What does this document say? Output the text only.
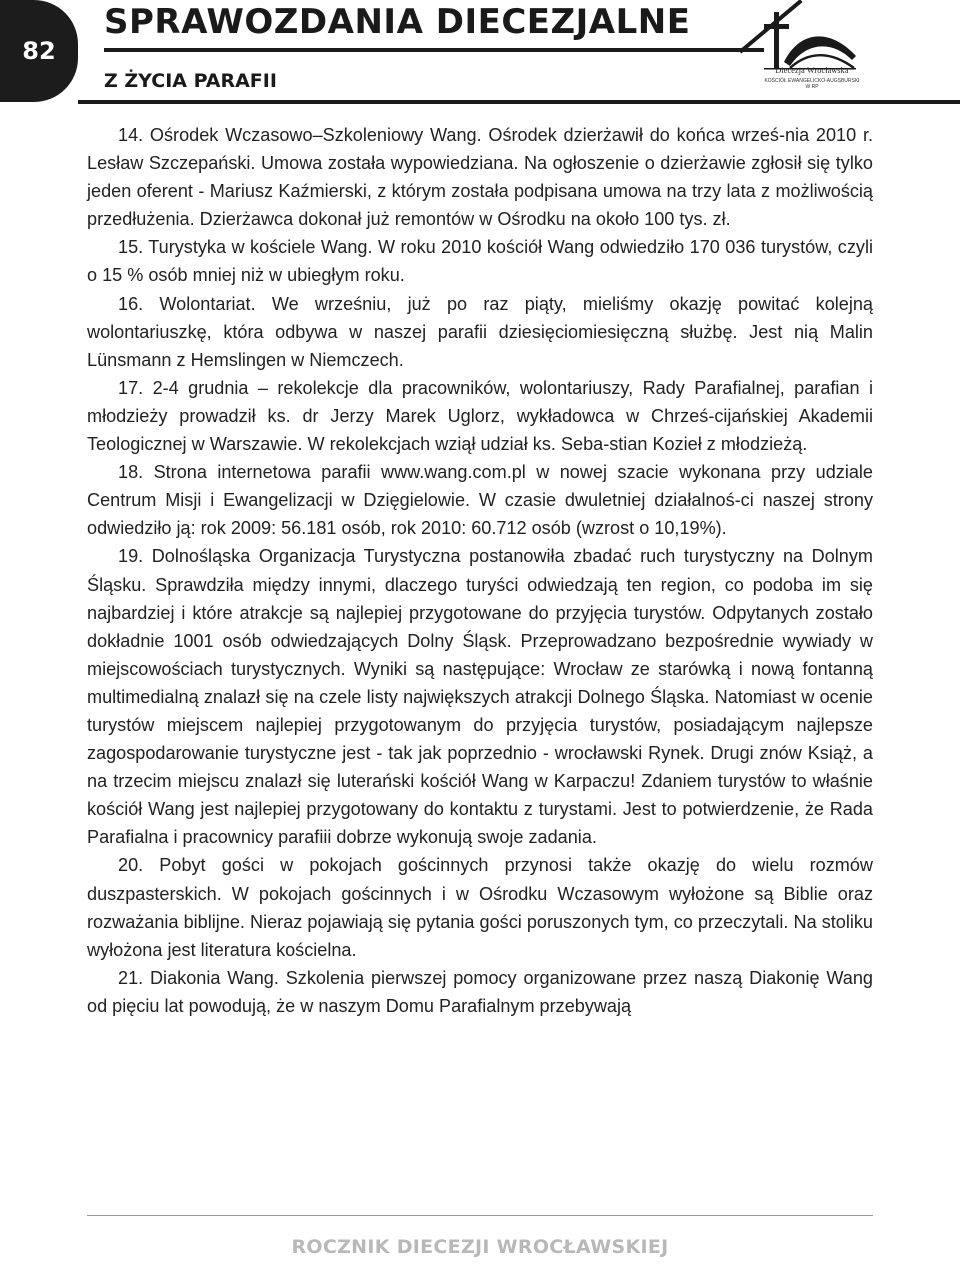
82
SPRAWOZDANIA DIECEZJALNE
Z ŻYCIA PARAFII	Diecezja Wrocławska
KOŚCIÓŁ EWANGELICKO-AUGSBURSKI W RP

14. Ośrodek Wczasowo–Szkoleniowy Wang. Ośrodek dzierżawił do końca wrześ-nia 2010 r. Lesław Szczepański. Umowa została wypowiedziana. Na ogłoszenie o dzierżawie zgłosił się tylko jeden oferent - Mariusz Kaźmierski, z którym została podpisana umowa na trzy lata z możliwością przedłużenia. Dzierżawca dokonał już remontów w Ośrodku na około 100 tys. zł.

15. Turystyka w kościele Wang. W roku 2010 kościół Wang odwiedziło 170 036 turystów, czyli o 15 % osób mniej niż w ubiegłym roku.

16. Wolontariat. We wrześniu, już po raz piąty, mieliśmy okazję powitać kolejną wolontariuszkę, która odbywa w naszej parafii dziesięciomiesięczną służbę. Jest nią Malin Lünsmann z Hemslingen w Niemczech.

17. 2-4 grudnia – rekolekcje dla pracowników, wolontariuszy, Rady Parafialnej, parafian i młodzieży prowadził ks. dr Jerzy Marek Uglorz, wykładowca w Chrześ-cijańskiej Akademii Teologicznej w Warszawie. W rekolekcjach wziął udział ks. Seba-stian Kozieł z młodzieżą.

18. Strona internetowa parafii www.wang.com.pl w nowej szacie wykonana przy udziale Centrum Misji i Ewangelizacji w Dzięgielowie. W czasie dwuletniej działalnoś-ci naszej strony odwiedziło ją: rok 2009: 56.181 osób, rok 2010: 60.712 osób (wzrost o 10,19%).

19. Dolnośląska Organizacja Turystyczna postanowiła zbadać ruch turystyczny na Dolnym Śląsku. Sprawdziła między innymi, dlaczego turyści odwiedzają ten region, co podoba im się najbardziej i które atrakcje są najlepiej przygotowane do przyjęcia turystów. Odpytanych zostało dokładnie 1001 osób odwiedzających Dolny Śląsk. Przeprowadzano bezpośrednie wywiady w miejscowościach turystycznych. Wyniki są następujące: Wrocław ze starówką i nową fontanną multimedialną znalazł się na czele listy największych atrakcji Dolnego Śląska. Natomiast w ocenie turystów miejscem najlepiej przygotowanym do przyjęcia turystów, posiadającym najlepsze zagospodarowanie turystyczne jest - tak jak poprzednio - wrocławski Rynek. Drugi znów Książ, a na trzecim miejscu znalazł się luterański kościół Wang w Karpaczu! Zdaniem turystów to właśnie kościół Wang jest najlepiej przygotowany do kontaktu z turystami. Jest to potwierdzenie, że Rada Parafialna i pracownicy parafiii dobrze wykonują swoje zadania.

20. Pobyt gości w pokojach gościnnych przynosi także okazję do wielu rozmów duszpasterskich. W pokojach gościnnych i w Ośrodku Wczasowym wyłożone są Biblie oraz rozważania biblijne. Nieraz pojawiają się pytania gości poruszonych tym, co przeczytali. Na stoliku wyłożona jest literatura kościelna.

21. Diakonia Wang. Szkolenia pierwszej pomocy organizowane przez naszą Diakonię Wang od pięciu lat powodują, że w naszym Domu Parafialnym przebywają

ROCZNIK DIECEZJI WROCŁAWSKIEJ
